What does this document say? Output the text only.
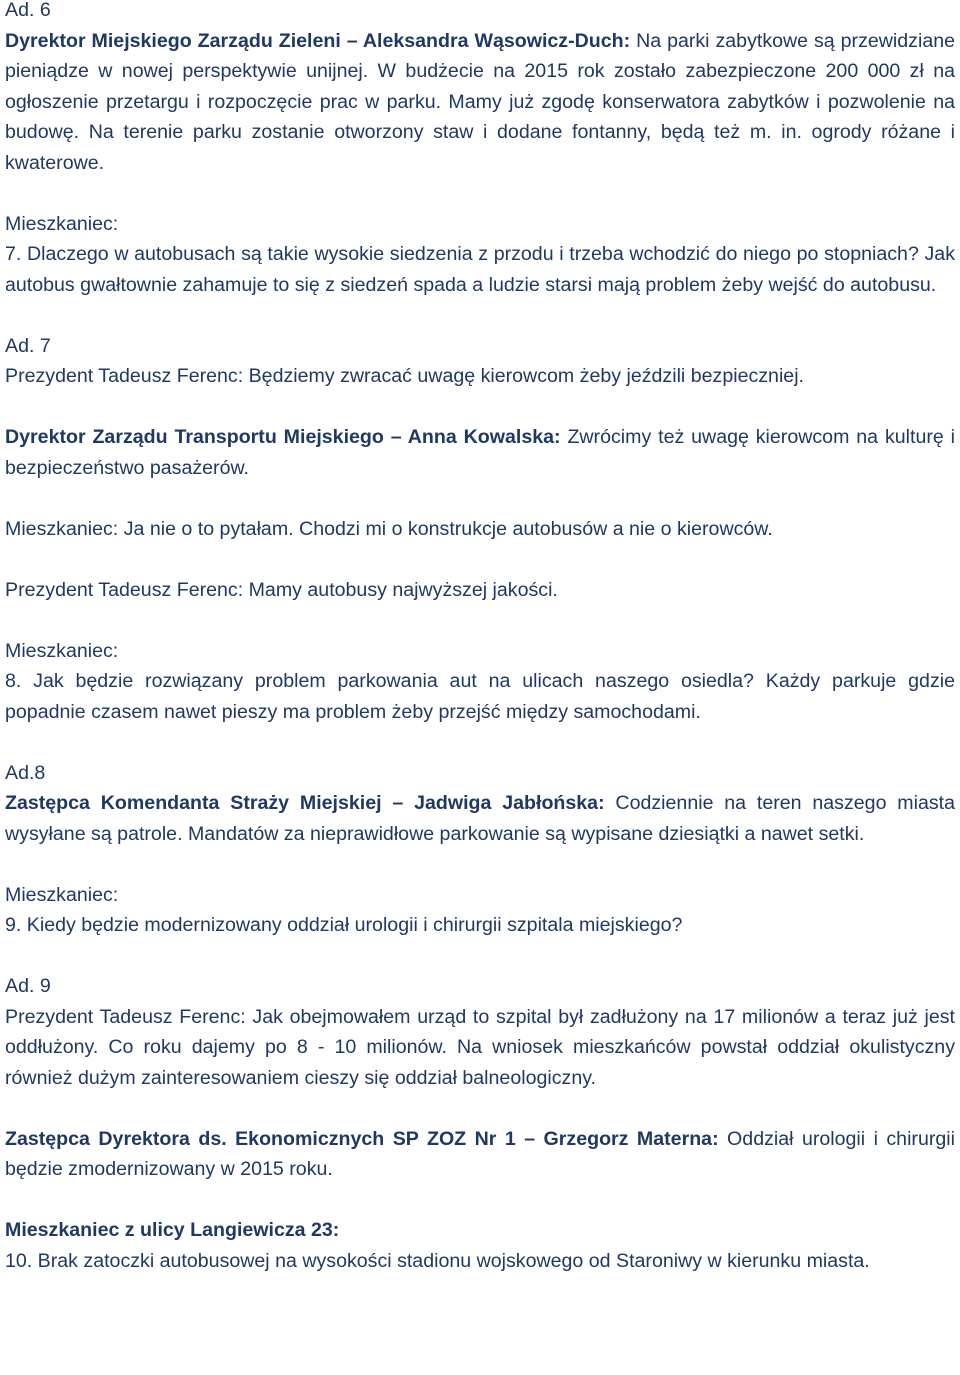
Ad. 6

Dyrektor Miejskiego Zarządu Zieleni – Aleksandra Wąsowicz-Duch: Na parki zabytkowe są przewidziane pieniądze w nowej perspektywie unijnej. W budżecie na 2015 rok zostało zabezpieczone 200 000 zł na ogłoszenie przetargu i rozpoczęcie prac w parku. Mamy już zgodę konserwatora zabytków i pozwolenie na budowę. Na terenie parku zostanie otworzony staw i dodane fontanny, będą też m. in. ogrody różane i kwaterowe.

Mieszkaniec:

7. Dlaczego w autobusach są takie wysokie siedzenia z przodu i trzeba wchodzić do niego po stopniach? Jak autobus gwałtownie zahamuje to się z siedzeń spada a ludzie starsi mają problem żeby wejść do autobusu.

Ad. 7

Prezydent Tadeusz Ferenc: Będziemy zwracać uwagę kierowcom żeby jeździli bezpieczniej.

Dyrektor Zarządu Transportu Miejskiego – Anna Kowalska: Zwrócimy też uwagę kierowcom na kulturę i bezpieczeństwo pasażerów.

Mieszkaniec: Ja nie o to pytałam. Chodzi mi o konstrukcje autobusów a nie o kierowców.

Prezydent Tadeusz Ferenc: Mamy autobusy najwyższej jakości.

Mieszkaniec:

8. Jak będzie rozwiązany problem parkowania aut na ulicach naszego osiedla? Każdy parkuje gdzie popadnie czasem nawet pieszy ma problem żeby przejść między samochodami.

Ad.8

Zastępca Komendanta Straży Miejskiej – Jadwiga Jabłońska: Codziennie na teren naszego miasta wysyłane są patrole. Mandatów za nieprawidłowe parkowanie są wypisane dziesiątki a nawet setki.

Mieszkaniec:

9. Kiedy będzie modernizowany oddział urologii i chirurgii szpitala miejskiego?

Ad. 9

Prezydent Tadeusz Ferenc: Jak obejmowałem urząd to szpital był zadłużony na 17 milionów a teraz już jest oddłużony. Co roku dajemy po 8 - 10 milionów. Na wniosek mieszkańców powstał oddział okulistyczny również dużym zainteresowaniem cieszy się oddział balneologiczny.

Zastępca Dyrektora ds. Ekonomicznych SP ZOZ Nr 1 – Grzegorz Materna: Oddział urologii i chirurgii będzie zmodernizowany w 2015 roku.

Mieszkaniec z ulicy Langiewicza 23:

10. Brak zatoczki autobusowej na wysokości stadionu wojskowego od Staroniwy w kierunku miasta.
